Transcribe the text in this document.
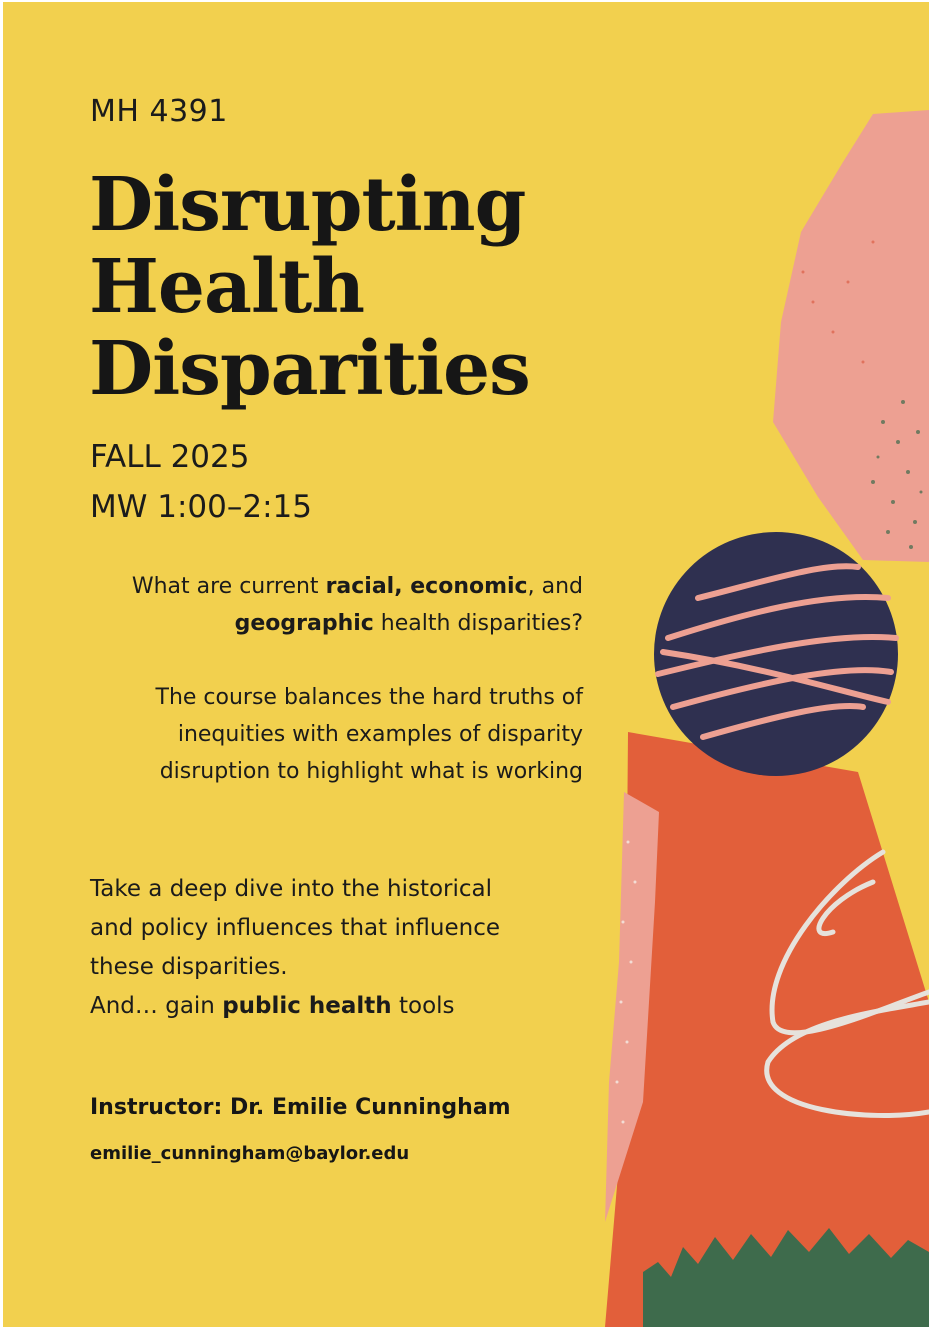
MH 4391
Disrupting
Health
Disparities
FALL 2025
MW 1:00–2:15
What are current racial, economic, and
geographic health disparities?
The course balances the hard truths of
inequities with examples of disparity
disruption to highlight what is working
Take a deep dive into the historical
and policy influences that influence
these disparities.
And… gain public health tools
Instructor: Dr. Emilie Cunningham
emilie_cunningham@baylor.edu
